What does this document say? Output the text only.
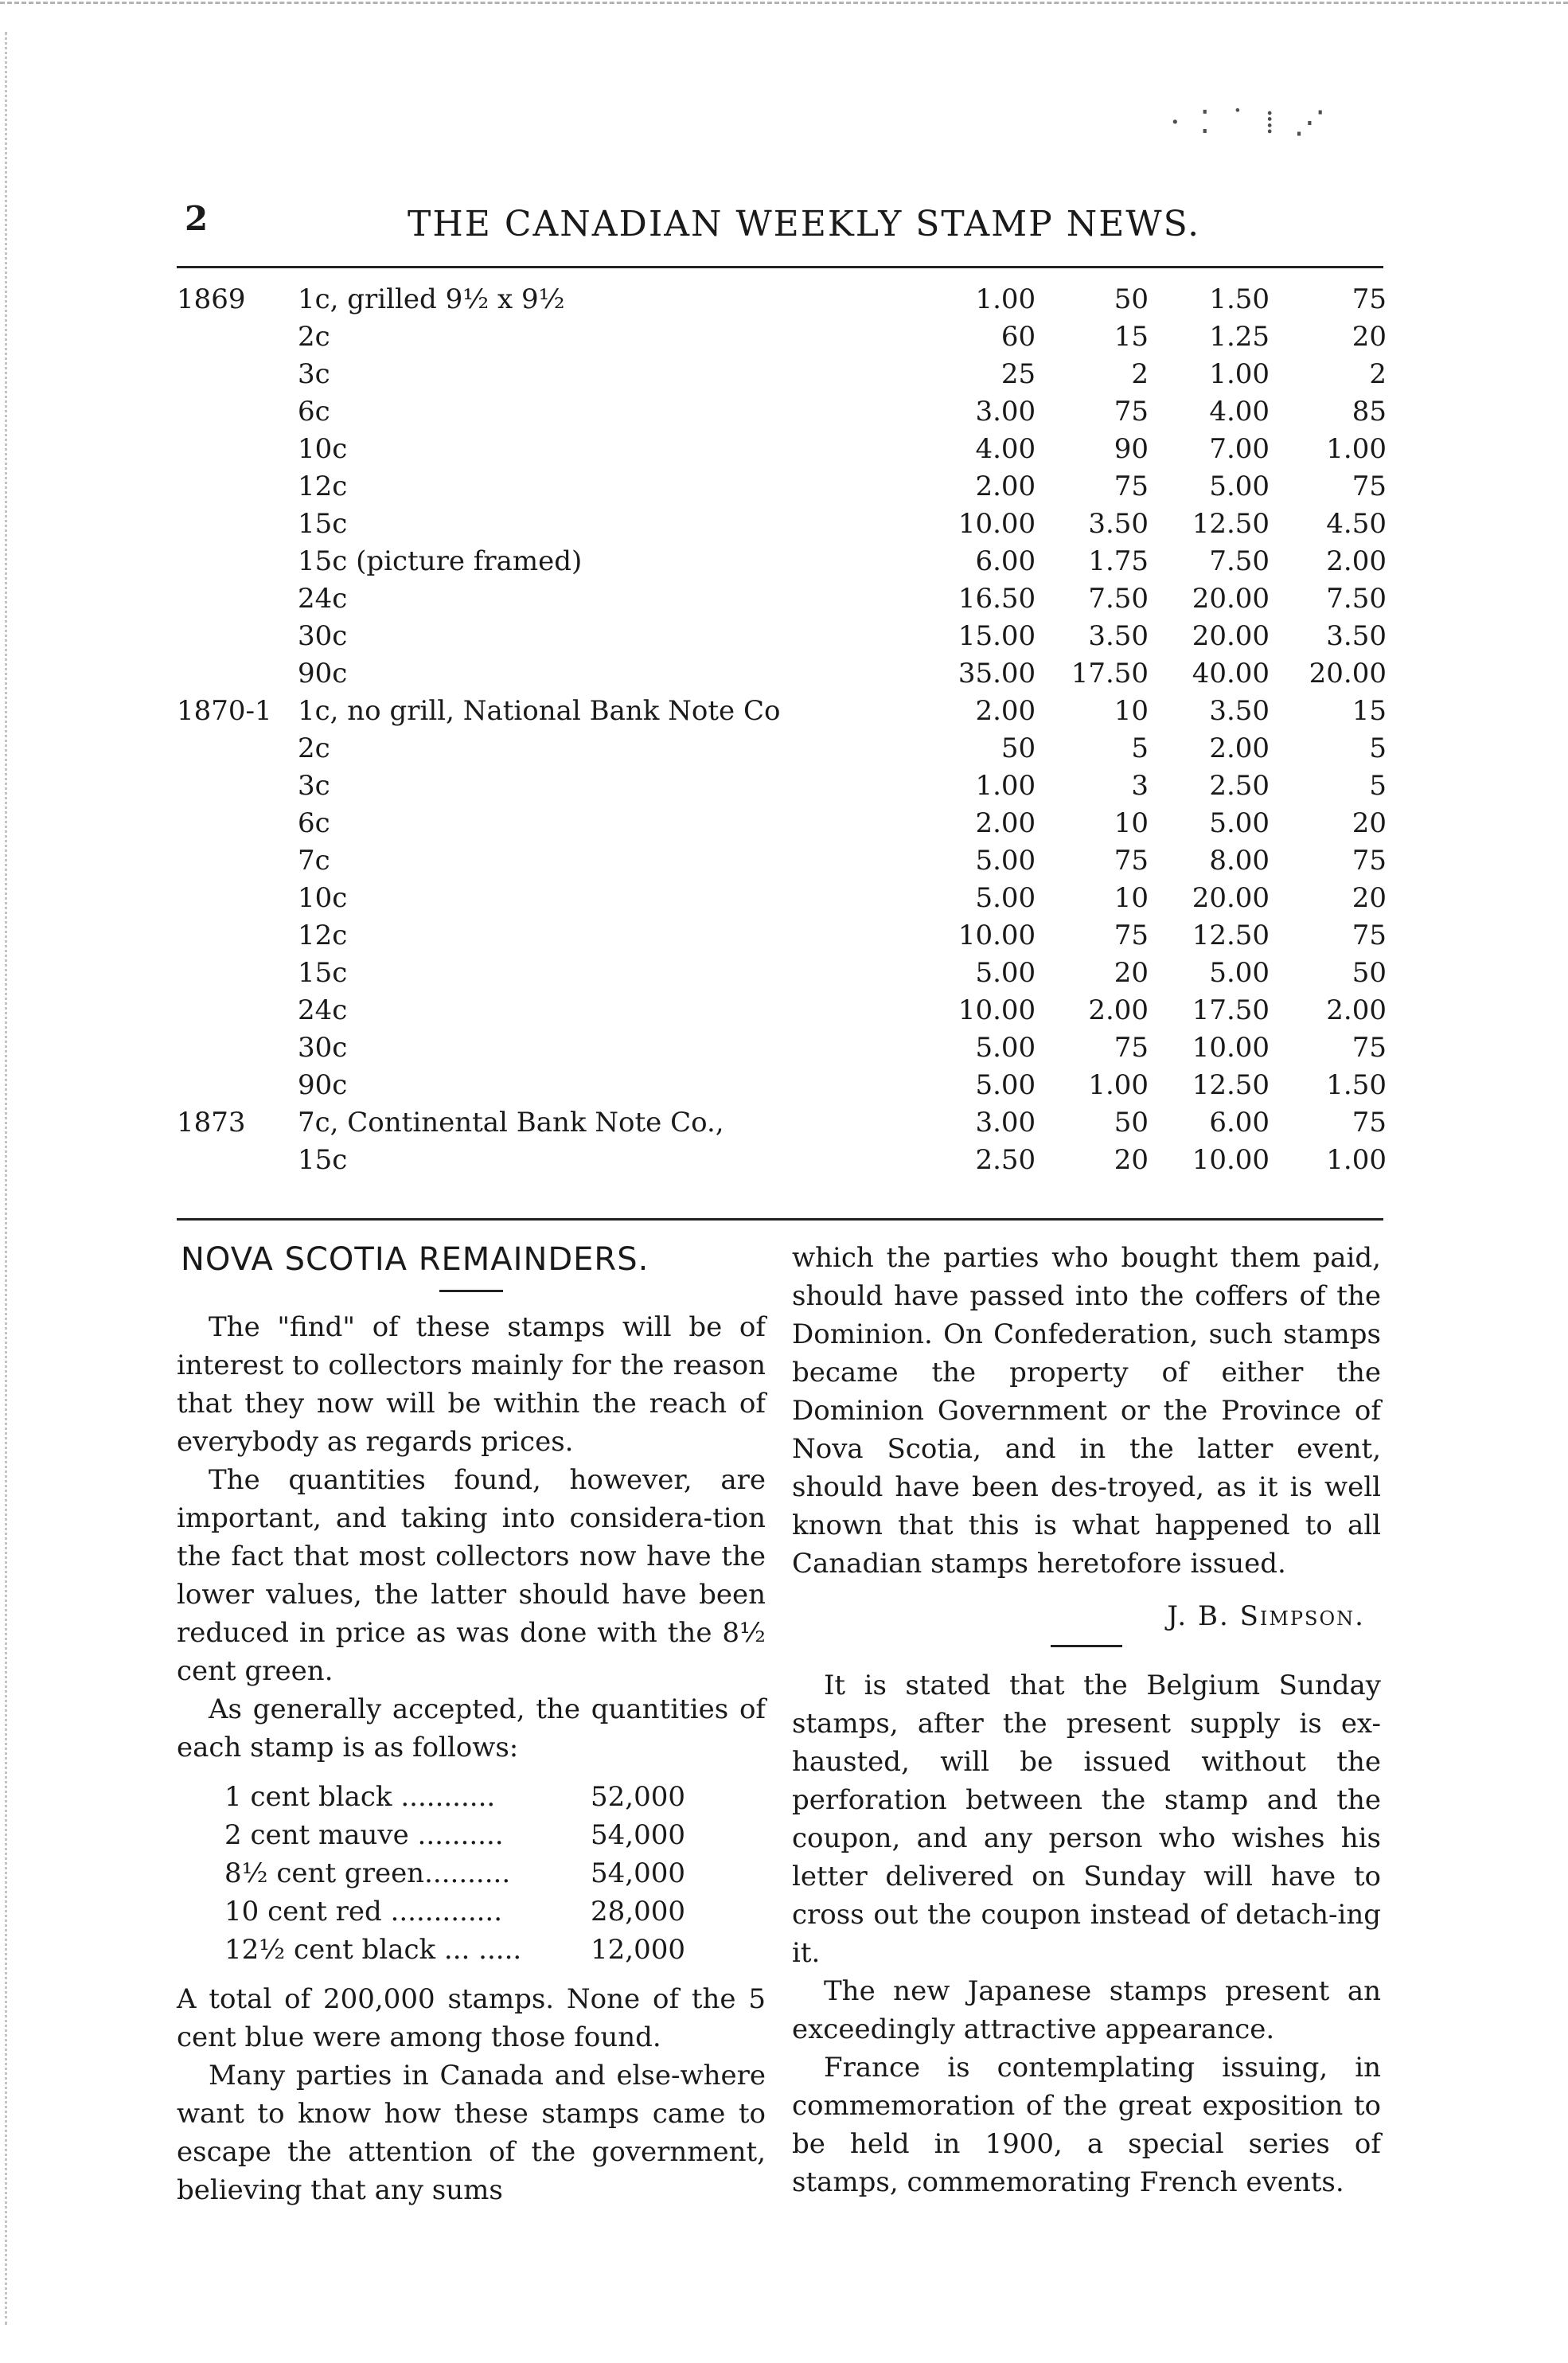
· ⁚ ˙ ⁞ ⋰
2	THE CANADIAN WEEKLY STAMP NEWS.
1869	1c, grilled 9½ x 9½	1.00	50	1.50	75
	2c	60	15	1.25	20
	3c	25	2	1.00	2
	6c	3.00	75	4.00	85
	10c	4.00	90	7.00	1.00
	12c	2.00	75	5.00	75
	15c	10.00	3.50	12.50	4.50
	15c (picture framed)	6.00	1.75	7.50	2.00
	24c	16.50	7.50	20.00	7.50
	30c	15.00	3.50	20.00	3.50
	90c	35.00	17.50	40.00	20.00
1870-1	1c, no grill, National Bank Note Co	2.00	10	3.50	15
	2c	50	5	2.00	5
	3c	1.00	3	2.50	5
	6c	2.00	10	5.00	20
	7c	5.00	75	8.00	75
	10c	5.00	10	20.00	20
	12c	10.00	75	12.50	75
	15c	5.00	20	5.00	50
	24c	10.00	2.00	17.50	2.00
	30c	5.00	75	10.00	75
	90c	5.00	1.00	12.50	1.50
1873	7c, Continental Bank Note Co.,	3.00	50	6.00	75
	15c	2.50	20	10.00	1.00
NOVA SCOTIA REMAINDERS.

The "find" of these stamps will be of interest to collectors mainly for the reason that they now will be within the reach of everybody as regards prices.

The quantities found, however, are important, and taking into considera-tion the fact that most collectors now have the lower values, the latter should have been reduced in price as was done with the 8½ cent green.

As generally accepted, the quantities of each stamp is as follows:

1 cent black ...........	52,000
2 cent mauve ..........	54,000
8½ cent green..........	54,000
10 cent red .............	28,000
12½ cent black ... .....	12,000

A total of 200,000 stamps. None of the 5 cent blue were among those found.

Many parties in Canada and else-where want to know how these stamps came to escape the attention of the government, believing that any sums

which the parties who bought them paid, should have passed into the coffers of the Dominion. On Confederation, such stamps became the property of either the Dominion Government or the Province of Nova Scotia, and in the latter event, should have been des-troyed, as it is well known that this is what happened to all Canadian stamps heretofore issued.

J. B. Simpson.

It is stated that the Belgium Sunday stamps, after the present supply is ex-hausted, will be issued without the perforation between the stamp and the coupon, and any person who wishes his letter delivered on Sunday will have to cross out the coupon instead of detach-ing it.

The new Japanese stamps present an exceedingly attractive appearance.

France is contemplating issuing, in commemoration of the great exposition to be held in 1900, a special series of stamps, commemorating French events.
